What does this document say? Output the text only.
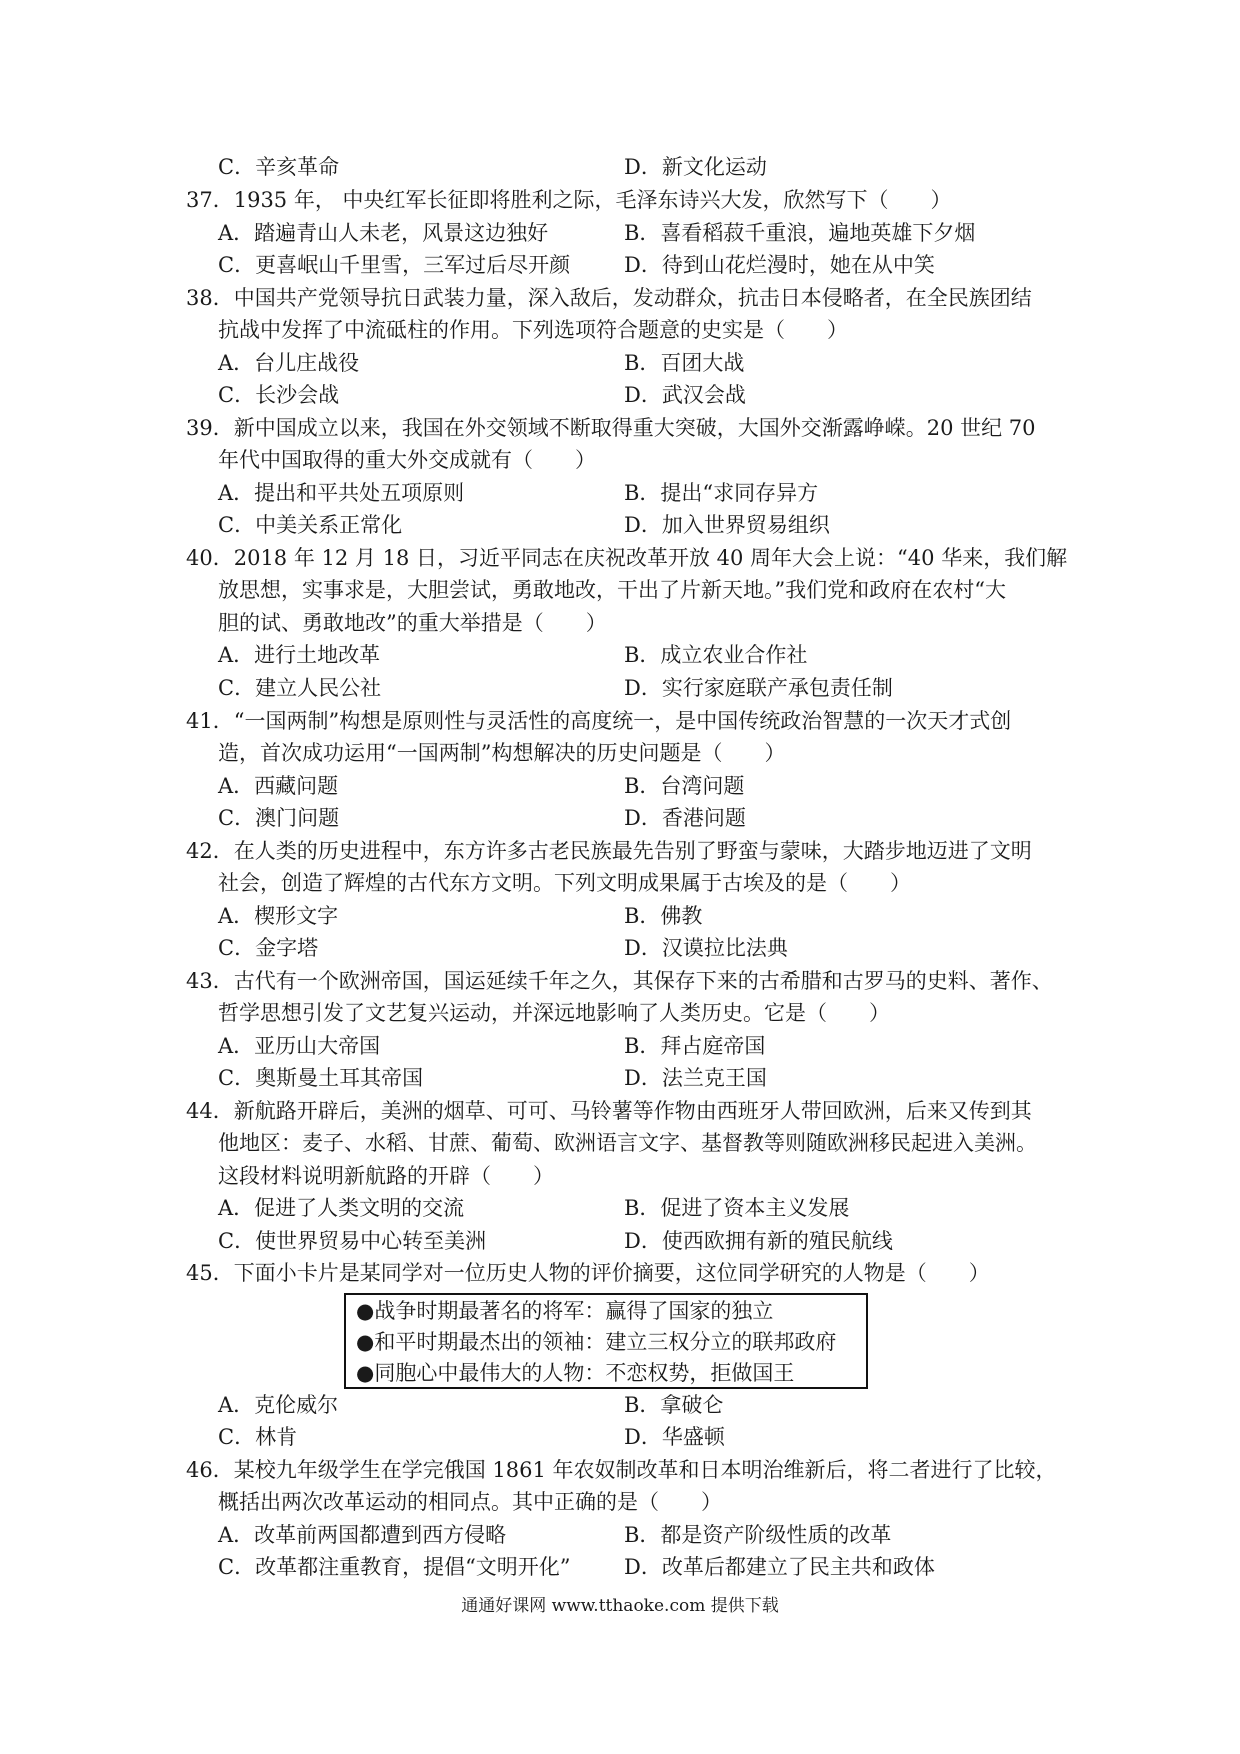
C．辛亥革命	D．新文化运动
37．1935 年， 中央红军长征即将胜利之际，毛泽东诗兴大发，欣然写下（　　）
A．踏遍青山人未老，风景这边独好	B．喜看稻菽千重浪，遍地英雄下夕烟
C．更喜岷山千里雪，三军过后尽开颜	D．待到山花烂漫时，她在从中笑
38．中国共产党领导抗日武装力量，深入敌后，发动群众，抗击日本侵略者，在全民族团结
抗战中发挥了中流砥柱的作用。下列选项符合题意的史实是（　　）
A．台儿庄战役	B．百团大战
C．长沙会战	D．武汉会战
39．新中国成立以来，我国在外交领域不断取得重大突破，大国外交渐露峥嵘。20 世纪 70
年代中国取得的重大外交成就有（　　）
A．提出和平共处五项原则	B．提出“求同存异方
C．中美关系正常化	D．加入世界贸易组织
40．2018 年 12 月 18 日，习近平同志在庆祝改革开放 40 周年大会上说：“40 华来，我们解
放思想，实事求是，大胆尝试，勇敢地改，干出了片新天地。”我们党和政府在农村“大
胆的试、勇敢地改”的重大举措是（　　）
A．进行土地改革	B．成立农业合作社
C．建立人民公社	D．实行家庭联产承包责任制
41．“一国两制”构想是原则性与灵活性的高度统一，是中国传统政治智慧的一次天才式创
造，首次成功运用“一国两制”构想解决的历史问题是（　　）
A．西藏问题	B．台湾问题
C．澳门问题	D．香港问题
42．在人类的历史进程中，东方许多古老民族最先告别了野蛮与蒙味，大踏步地迈进了文明
社会，创造了辉煌的古代东方文明。下列文明成果属于古埃及的是（　　）
A．楔形文字	B．佛教
C．金字塔	D．汉谟拉比法典
43．古代有一个欧洲帝国，国运延续千年之久，其保存下来的古希腊和古罗马的史料、著作、
哲学思想引发了文艺复兴运动，并深远地影响了人类历史。它是（　　）
A．亚历山大帝国	B．拜占庭帝国
C．奥斯曼土耳其帝国	D．法兰克王国
44．新航路开辟后，美洲的烟草、可可、马铃薯等作物由西班牙人带回欧洲，后来又传到其
他地区：麦子、水稻、甘蔗、葡萄、欧洲语言文字、基督教等则随欧洲移民起进入美洲。
这段材料说明新航路的开辟（　　）
A．促进了人类文明的交流	B．促进了资本主义发展
C．使世界贸易中心转至美洲	D．使西欧拥有新的殖民航线
45．下面小卡片是某同学对一位历史人物的评价摘要，这位同学研究的人物是（　　）
●战争时期最著名的将军：赢得了国家的独立
●和平时期最杰出的领袖：建立三权分立的联邦政府
●同胞心中最伟大的人物：不恋权势，拒做国王
A．克伦威尔	B．拿破仑
C．林肯	D．华盛顿
46．某校九年级学生在学完俄国 1861 年农奴制改革和日本明治维新后，将二者进行了比较，
概括出两次改革运动的相同点。其中正确的是（　　）
A．改革前两国都遭到西方侵略	B．都是资产阶级性质的改革
C．改革都注重教育，提倡“文明开化”	D．改革后都建立了民主共和政体
通通好课网 www.tthaoke.com 提供下载
